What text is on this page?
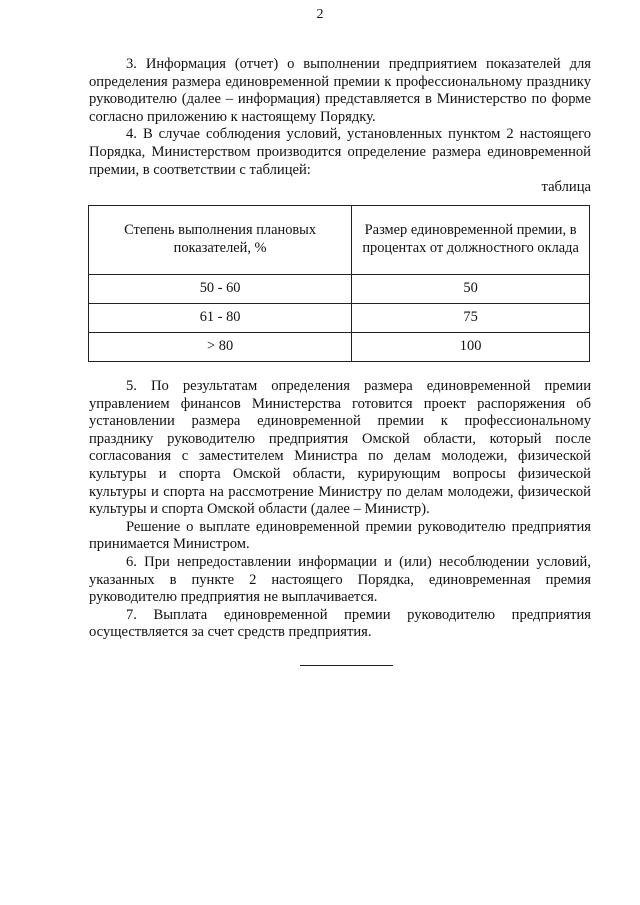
2

3. Информация (отчет) о выполнении предприятием показателей для определения размера единовременной премии к профессиональному празднику руководителю (далее – информация) представляется в Министерство по форме согласно приложению к настоящему Порядку.

4. В случае соблюдения условий, установленных пунктом 2 настоящего Порядка, Министерством производится определение размера единовременной премии, в соответствии с таблицей:

таблица

Степень выполнения плановых показателей, %	Размер единовременной премии, в процентах от должностного оклада
50 - 60	50
61 - 80	75
> 80	100

5. По результатам определения размера единовременной премии управлением финансов Министерства готовится проект распоряжения об установлении размера единовременной премии к профессиональному празднику руководителю предприятия Омской области, который после согласования с заместителем Министра по делам молодежи, физической культуры и спорта Омской области, курирующим вопросы физической культуры и спорта на рассмотрение Министру по делам молодежи, физической культуры и спорта Омской области (далее – Министр).

Решение о выплате единовременной премии руководителю предприятия принимается Министром.

6. При непредоставлении информации и (или) несоблюдении условий, указанных в пункте 2 настоящего Порядка, единовременная премия руководителю предприятия не выплачивается.

7. Выплата единовременной премии руководителю предприятия осуществляется за счет средств предприятия.
